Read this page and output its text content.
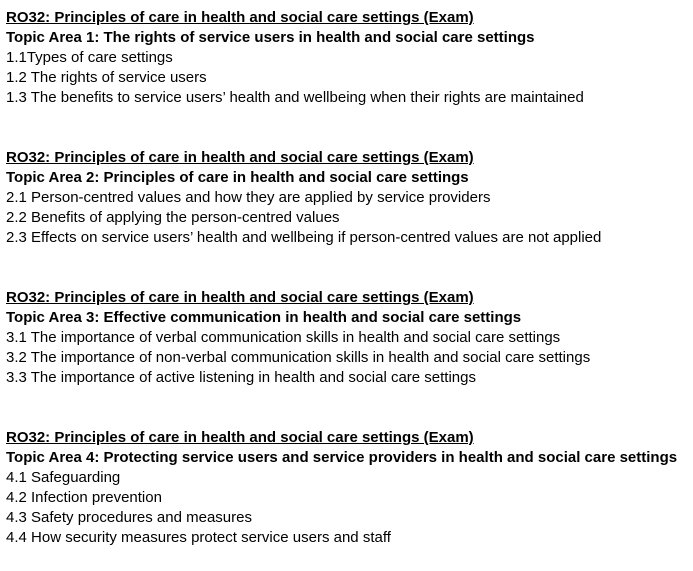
RO32: Principles of care in health and social care settings (Exam)

Topic Area 1: The rights of service users in health and social care settings

1.1Types of care settings
1.2 The rights of service users
1.3 The benefits to service users’ health and wellbeing when their rights are maintained

RO32: Principles of care in health and social care settings (Exam)

Topic Area 2: Principles of care in health and social care settings

2.1 Person-centred values and how they are applied by service providers
2.2 Benefits of applying the person-centred values
2.3 Effects on service users’ health and wellbeing if person-centred values are not applied

RO32: Principles of care in health and social care settings (Exam)

Topic Area 3: Effective communication in health and social care settings

3.1 The importance of verbal communication skills in health and social care settings
3.2 The importance of non-verbal communication skills in health and social care settings
3.3 The importance of active listening in health and social care settings

RO32: Principles of care in health and social care settings (Exam)

Topic Area 4: Protecting service users and service providers in health and social care settings

4.1 Safeguarding
4.2 Infection prevention
4.3 Safety procedures and measures
4.4 How security measures protect service users and staff
